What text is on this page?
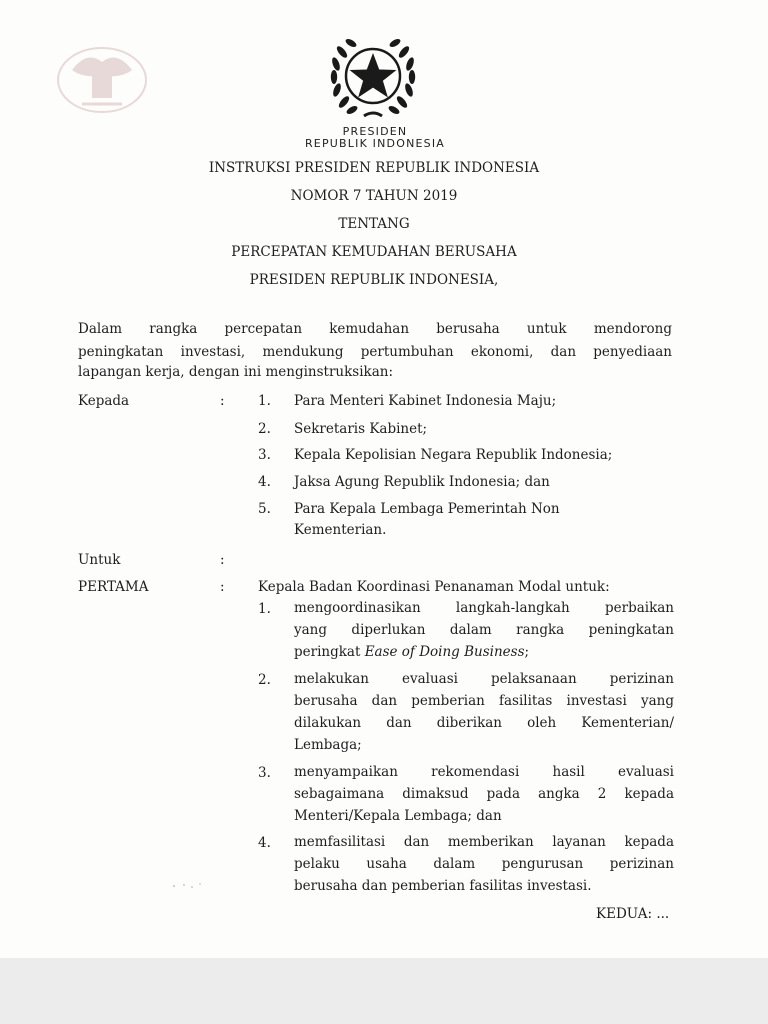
PRESIDEN
REPUBLIK INDONESIA
INSTRUKSI PRESIDEN REPUBLIK INDONESIA
NOMOR 7 TAHUN 2019
TENTANG
PERCEPATAN KEMUDAHAN BERUSAHA
PRESIDEN REPUBLIK INDONESIA,
Dalam rangka percepatan kemudahan berusaha untuk mendorong
peningkatan investasi, mendukung pertumbuhan ekonomi, dan penyediaan
lapangan kerja, dengan ini menginstruksikan:
Kepada	: 1. Para Menteri Kabinet Indonesia Maju;
2. Sekretaris Kabinet;
3. Kepala Kepolisian Negara Republik Indonesia;
4. Jaksa Agung Republik Indonesia; dan
5. Para Kepala Lembaga Pemerintah Non
Kementerian.
Untuk	:
PERTAMA	: Kepala Badan Koordinasi Penanaman Modal untuk:
1. mengoordinasikan langkah-langkah perbaikan
yang diperlukan dalam rangka peningkatan
peringkat Ease of Doing Business;
2. melakukan evaluasi pelaksanaan perizinan
berusaha dan pemberian fasilitas investasi yang
dilakukan dan diberikan oleh Kementerian/
Lembaga;
3. menyampaikan rekomendasi hasil evaluasi
sebagaimana dimaksud pada angka 2 kepada
Menteri/Kepala Lembaga; dan
4. memfasilitasi dan memberikan layanan kepada
pelaku usaha dalam pengurusan perizinan
berusaha dan pemberian fasilitas investasi.
KEDUA: ...
